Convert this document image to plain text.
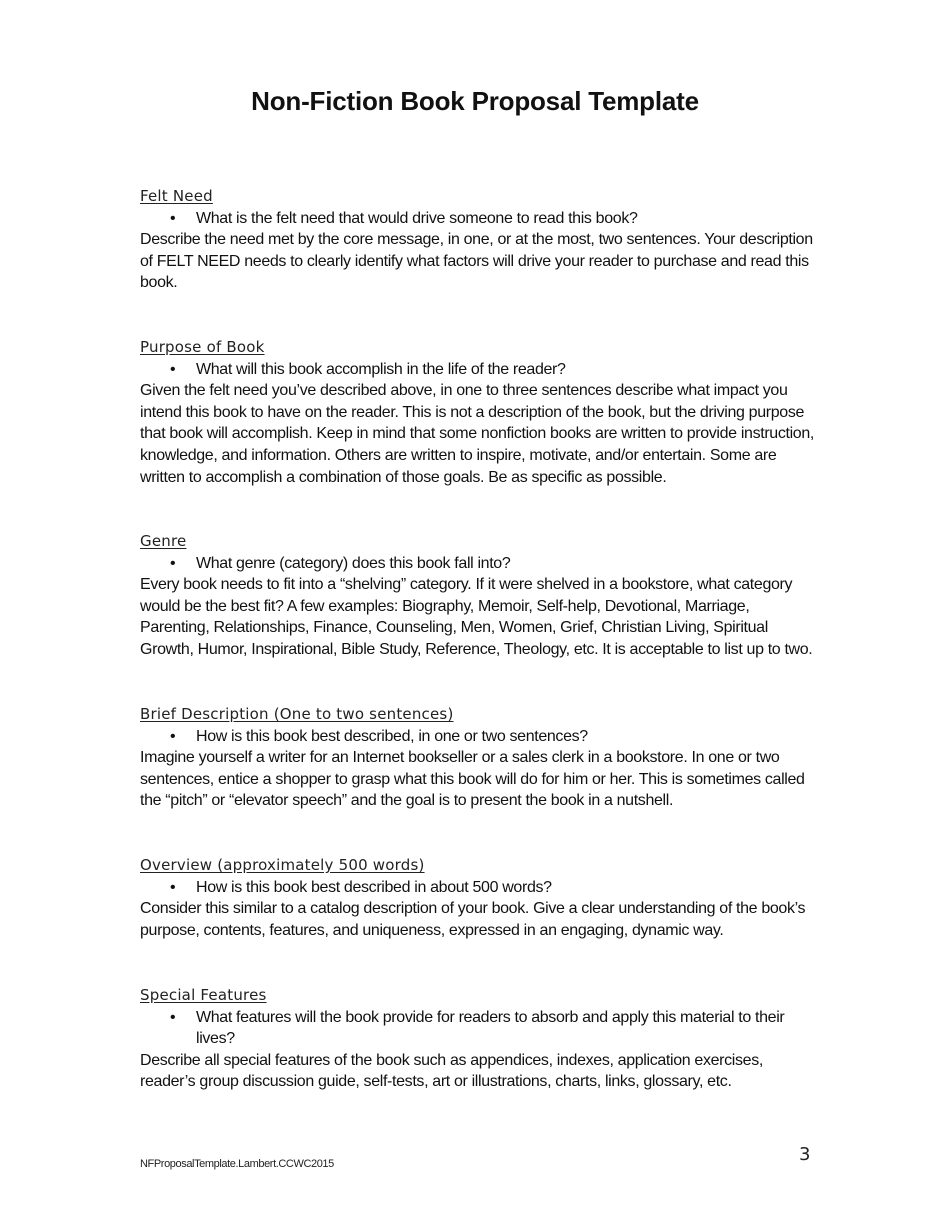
Non-Fiction Book Proposal Template
Felt Need
• What is the felt need that would drive someone to read this book?

Describe the need met by the core message, in one, or at the most, two sentences. Your description of FELT NEED needs to clearly identify what factors will drive your reader to purchase and read this book.

Purpose of Book
• What will this book accomplish in the life of the reader?

Given the felt need you’ve described above, in one to three sentences describe what impact you intend this book to have on the reader. This is not a description of the book, but the driving purpose that book will accomplish. Keep in mind that some nonfiction books are written to provide instruction, knowledge, and information. Others are written to inspire, motivate, and/or entertain. Some are written to accomplish a combination of those goals. Be as specific as possible.

Genre
• What genre (category) does this book fall into?

Every book needs to fit into a “shelving” category. If it were shelved in a bookstore, what category would be the best fit? A few examples: Biography, Memoir, Self-help, Devotional, Marriage, Parenting, Relationships, Finance, Counseling, Men, Women, Grief, Christian Living, Spiritual Growth, Humor, Inspirational, Bible Study, Reference, Theology, etc. It is acceptable to list up to two.

Brief Description (One to two sentences)
• How is this book best described, in one or two sentences?

Imagine yourself a writer for an Internet bookseller or a sales clerk in a bookstore. In one or two sentences, entice a shopper to grasp what this book will do for him or her. This is sometimes called the “pitch” or “elevator speech” and the goal is to present the book in a nutshell.

Overview (approximately 500 words)
• How is this book best described in about 500 words?

Consider this similar to a catalog description of your book. Give a clear understanding of the book’s purpose, contents, features, and uniqueness, expressed in an engaging, dynamic way.

Special Features
• What features will the book provide for readers to absorb and apply this material to their lives?

Describe all special features of the book such as appendices, indexes, application exercises, reader’s group discussion guide, self-tests, art or illustrations, charts, links, glossary, etc.

3
NFProposalTemplate.Lambert.CCWC2015
